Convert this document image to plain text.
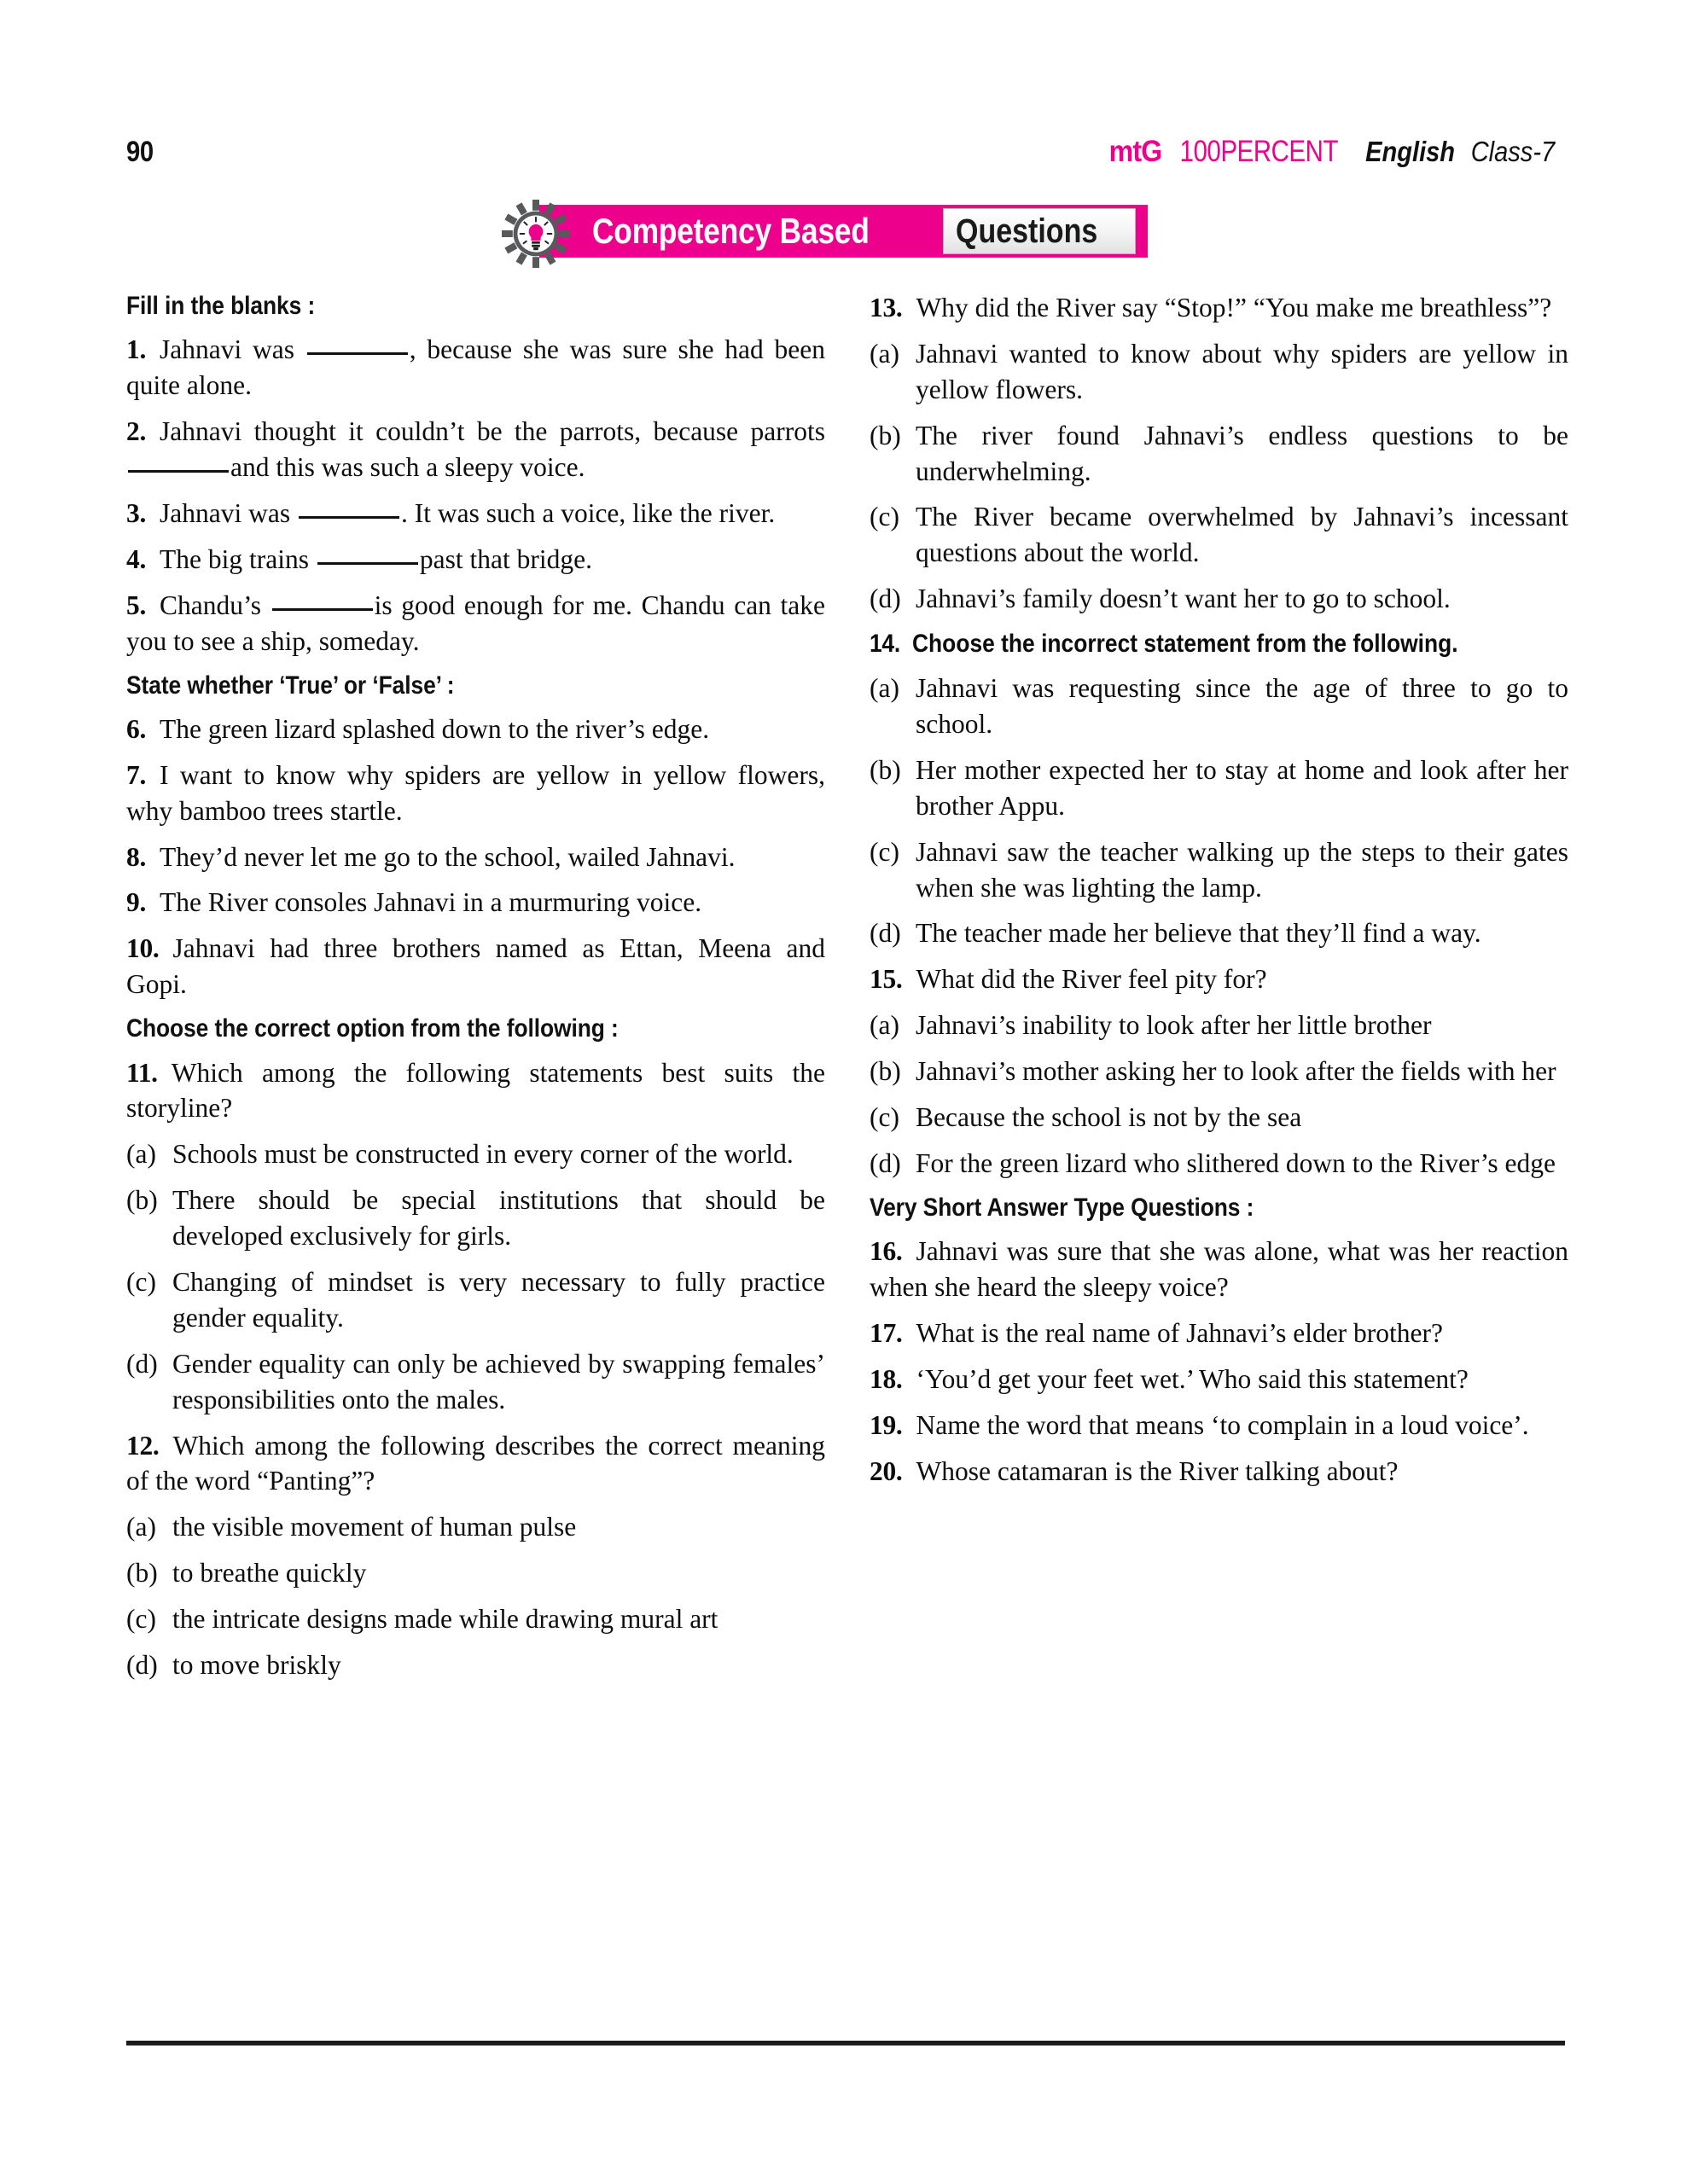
90	mtG 100PERCENT English Class-7
Competency Based	Questions
Fill in the blanks :

1. Jahnavi was	, because she was sure she had been quite alone.

2. Jahnavi thought it couldn’t be the parrots, because parrots and this was such a sleepy voice.

3. Jahnavi was	. It was such a voice, like the river.

4. The big trains	past that bridge.

5. Chandu’s	is good enough for me. Chandu can take you to see a ship, someday.

State whether ‘True’ or ‘False’ :

6. The green lizard splashed down to the river’s edge.

7. I want to know why spiders are yellow in yellow flowers, why bamboo trees startle.

8. They’d never let me go to the school, wailed Jahnavi.

9. The River consoles Jahnavi in a murmuring voice.

10. Jahnavi had three brothers named as Ettan, Meena and Gopi.

Choose the correct option from the following :

11. Which among the following statements best suits the storyline?

(a) Schools must be constructed in every corner of the world.

(b) There should be special institutions that should be developed exclusively for girls.

(c) Changing of mindset is very necessary to fully practice gender equality.

(d) Gender equality can only be achieved by swapping females’ responsibilities onto the males.

12. Which among the following describes the correct meaning of the word “Panting”?

(a) the visible movement of human pulse

(b) to breathe quickly

(c) the intricate designs made while drawing mural art

(d) to move briskly

13. Why did the River say “Stop!” “You make me breathless”?

(a) Jahnavi wanted to know about why spiders are yellow in yellow flowers.

(b) The river found Jahnavi’s endless questions to be underwhelming.

(c) The River became overwhelmed by Jahnavi’s incessant questions about the world.

(d) Jahnavi’s family doesn’t want her to go to school.

14. Choose the incorrect statement from the following.

(a) Jahnavi was requesting since the age of three to go to school.

(b) Her mother expected her to stay at home and look after her brother Appu.

(c) Jahnavi saw the teacher walking up the steps to their gates when she was lighting the lamp.

(d) The teacher made her believe that they’ll find a way.

15. What did the River feel pity for?

(a) Jahnavi’s inability to look after her little brother

(b) Jahnavi’s mother asking her to look after the fields with her

(c) Because the school is not by the sea

(d) For the green lizard who slithered down to the River’s edge

Very Short Answer Type Questions :

16. Jahnavi was sure that she was alone, what was her reaction when she heard the sleepy voice?

17. What is the real name of Jahnavi’s elder brother?

18. ‘You’d get your feet wet.’ Who said this statement?

19. Name the word that means ‘to complain in a loud voice’.

20. Whose catamaran is the River talking about?
